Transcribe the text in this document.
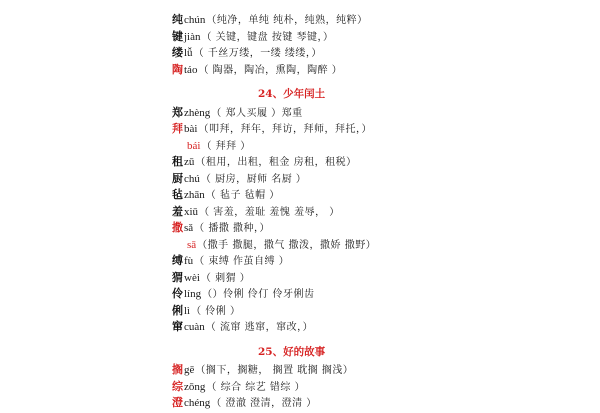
纯chún（纯净，单纯 纯朴，纯熟，纯粹）
键jiàn（ 关键，键盘 按键 琴键，）
缕lǚ（ 千丝万缕，一缕 缕缕，）
陶táo（ 陶器，陶冶，熏陶，陶醉 ）
24、少年闰土
郑zhèng（ 郑人买履 ）郑重
拜bài（叩拜，拜年，拜访，拜师，拜托，）
bái（ 拜拜 ）
租zū（租用，出租，租金 房租，租税）
厨chú（ 厨房，厨师 名厨 ）
毡zhān（ 毡子 毡帽 ）
羞xiū（ 害羞，羞耻 羞愧 羞辱， ）
撒sǎ（ 播撒 撒种，）
sā（撒手 撒腿，撒气 撒泼，撒娇 撒野）
缚fù（ 束缚 作茧自缚 ）
猬wèi（ 刺猬 ）
伶líng（）伶俐 伶仃 伶牙俐齿
俐lì（ 伶俐 ）
窜cuàn（ 流窜 逃窜，窜改，）
25、好的故事
搁gē（搁下，搁糖， 搁置 耽搁 搁浅）
综zōng（ 综合 综艺 错综 ）
澄chéng（ 澄澈 澄清，澄清 ）
